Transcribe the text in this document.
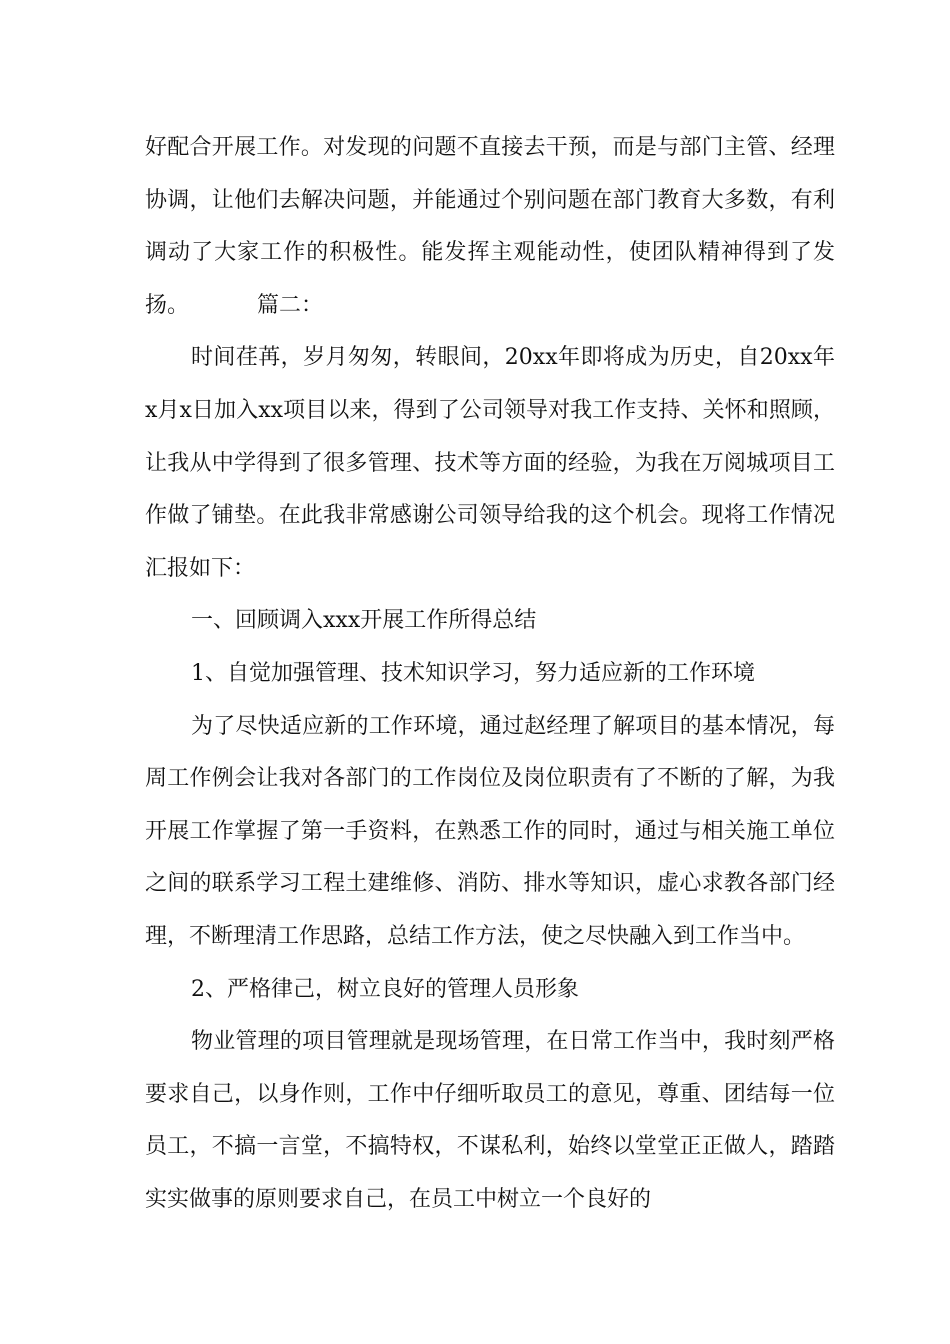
好配合开展工作。对发现的问题不直接去干预，而是与部门主管、经理协调，让他们去解决问题，并能通过个别问题在部门教育大多数，有利调动了大家工作的积极性。能发挥主观能动性，使团队精神得到了发扬。	篇二：

时间荏苒，岁月匆匆，转眼间，20xx年即将成为历史，自20xx年x月x日加入xx项目以来，得到了公司领导对我工作支持、关怀和照顾，让我从中学得到了很多管理、技术等方面的经验，为我在万阅城项目工作做了铺垫。在此我非常感谢公司领导给我的这个机会。现将工作情况汇报如下：

一、回顾调入xxx开展工作所得总结

1、自觉加强管理、技术知识学习，努力适应新的工作环境

为了尽快适应新的工作环境，通过赵经理了解项目的基本情况，每周工作例会让我对各部门的工作岗位及岗位职责有了不断的了解，为我开展工作掌握了第一手资料，在熟悉工作的同时，通过与相关施工单位之间的联系学习工程土建维修、消防、排水等知识，虚心求教各部门经理，不断理清工作思路，总结工作方法，使之尽快融入到工作当中。

2、严格律己，树立良好的管理人员形象

物业管理的项目管理就是现场管理，在日常工作当中，我时刻严格要求自己，以身作则，工作中仔细听取员工的意见，尊重、团结每一位员工，不搞一言堂，不搞特权，不谋私利，始终以堂堂正正做人，踏踏实实做事的原则要求自己，在员工中树立一个良好的
